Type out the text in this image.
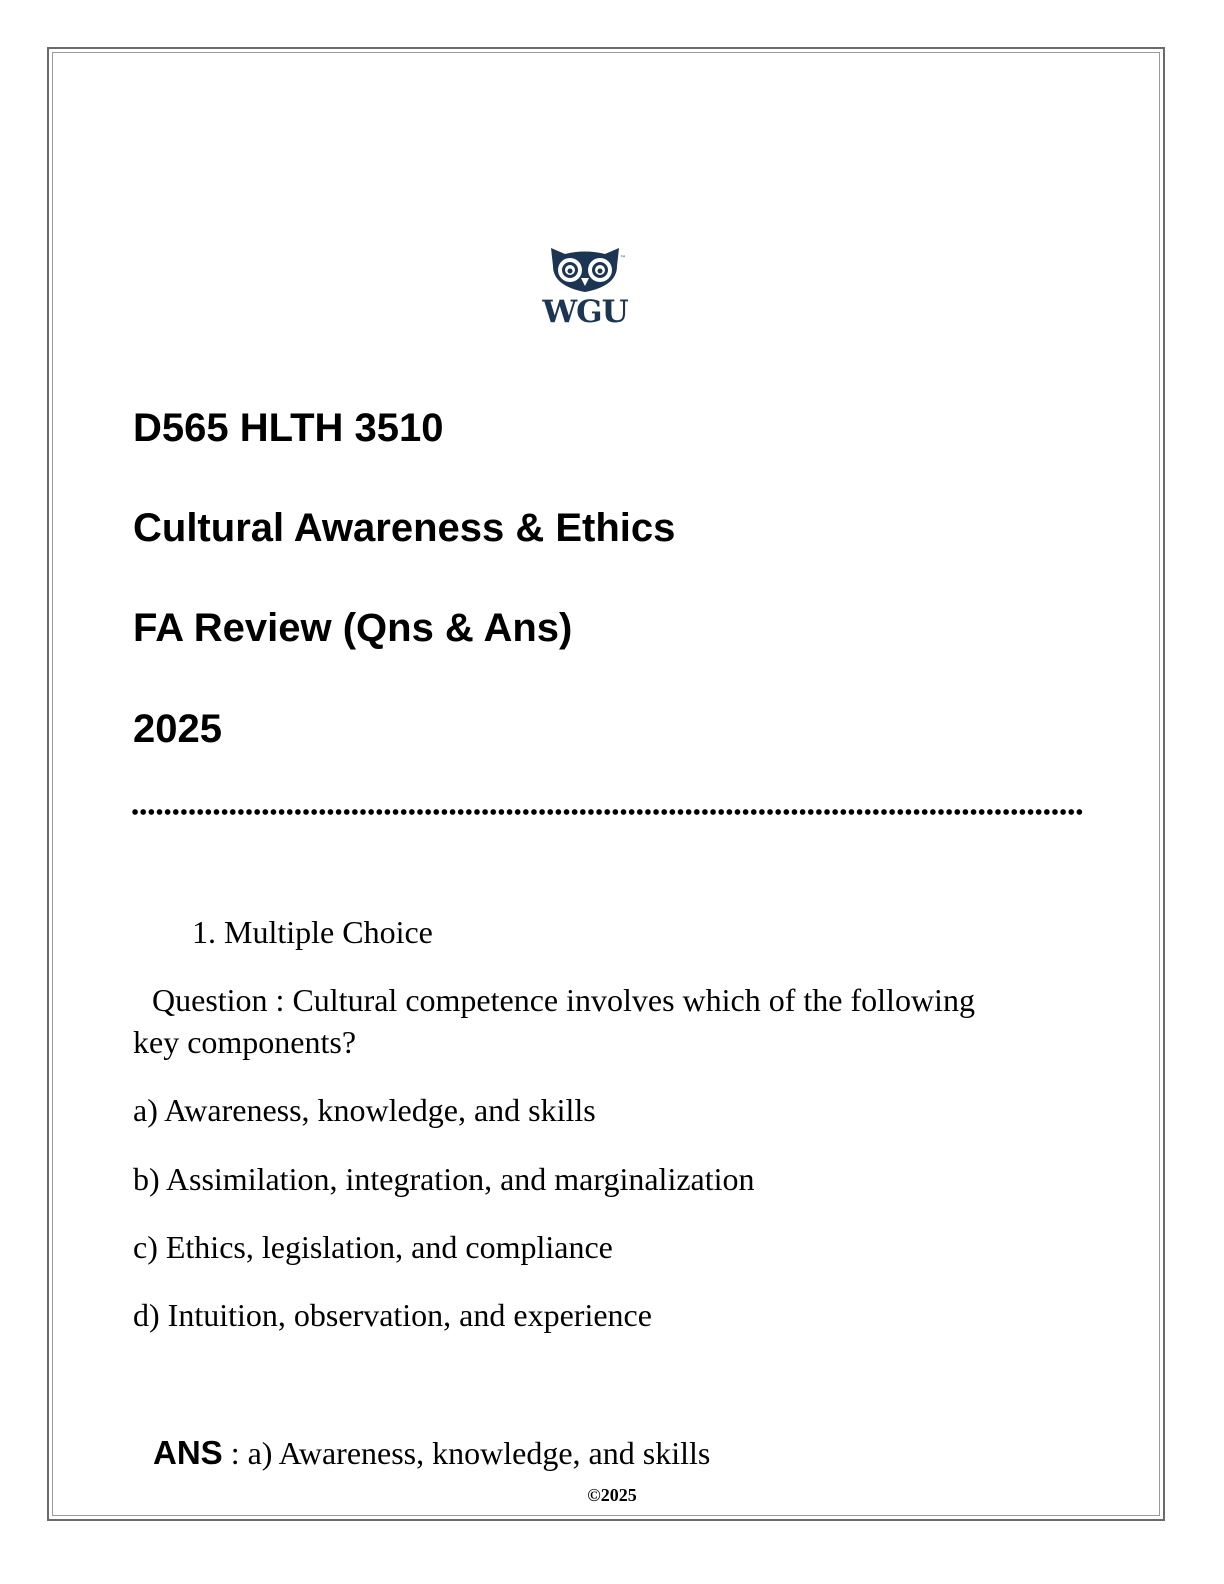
™
WGU
D565 HLTH 3510
Cultural Awareness & Ethics
FA Review (Qns & Ans)
2025

1. Multiple Choice

Question : Cultural competence involves which of the following

key components?

a) Awareness, knowledge, and skills

b) Assimilation, integration, and marginalization

c) Ethics, legislation, and compliance

d) Intuition, observation, and experience

ANS : a) Awareness, knowledge, and skills

©2025
